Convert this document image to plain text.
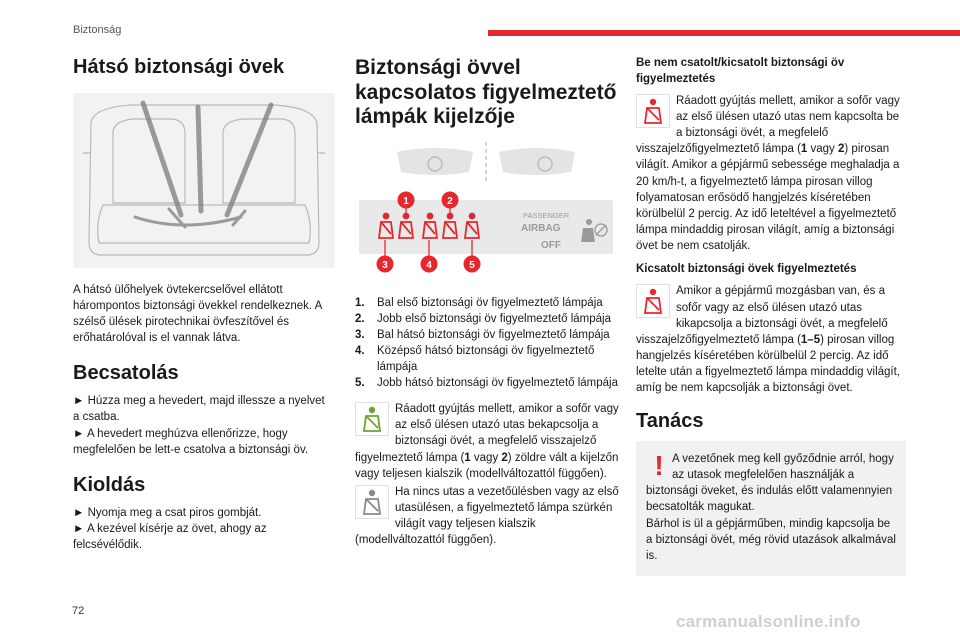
Biztonság
Hátsó biztonsági övek

A hátsó ülőhelyek övtekercselővel ellátott hárompontos biztonsági övekkel rendelkeznek. A szélső ülések pirotechnikai övfeszítővel és erőhatárolóval is el vannak látva.

Becsatolás

► Húzza meg a hevedert, majd illessze a nyelvet a csatba.

► A hevedert meghúzva ellenőrizze, hogy megfelelően be lett-e csatolva a biztonsági öv.

Kioldás

► Nyomja meg a csat piros gombját.

► A kezével kísérje az övet, ahogy az felcsévélődik.

Biztonsági övvel kapcsolatos figyelmeztető lámpák kijelzője
PASSENGER
AIRBAG
OFF
1	2
3	4	5
1.	Bal első biztonsági öv figyelmeztető lámpája
2.	Jobb első biztonsági öv figyelmeztető lámpája
3.	Bal hátsó biztonsági öv figyelmeztető lámpája
4.	Középső hátsó biztonsági öv figyelmeztető lámpája
5.	Jobb hátsó biztonsági öv figyelmeztető lámpája

Ráadott gyújtás mellett, amikor a sofőr vagy az első ülésen utazó utas bekapcsolja a biztonsági övét, a megfelelő visszajelző figyelmeztető lámpa (1 vagy 2) zöldre vált a kijelzőn vagy teljesen kialszik (modellváltozattól függően).

Ha nincs utas a vezetőülésben vagy az első utasülésen, a figyelmeztető lámpa szürkén világít vagy teljesen kialszik (modellváltozattól függően).

Be nem csatolt/kicsatolt biztonsági öv figyelmeztetés

Ráadott gyújtás mellett, amikor a sofőr vagy az első ülésen utazó utas nem kapcsolta be a biztonsági övét, a megfelelő visszajelzőfigyelmeztető lámpa (1 vagy 2) pirosan világít. Amikor a gépjármű sebessége meghaladja a 20 km/h-t, a figyelmeztető lámpa pirosan villog folyamatosan erősödő hangjelzés kíséretében körülbelül 2 percig. Az idő leteltével a figyelmeztető lámpa mindaddig pirosan világít, amíg a biztonsági övet be nem csatolják.

Kicsatolt biztonsági övek figyelmeztetés

Amikor a gépjármű mozgásban van, és a sofőr vagy az első ülésen utazó utas kikapcsolja a biztonsági övét, a megfelelő visszajelzőfigyelmeztető lámpa (1–5) pirosan villog hangjelzés kíséretében körülbelül 2 percig. Az idő letelte után a figyelmeztető lámpa mindaddig világít, amíg be nem kapcsolják a biztonsági övet.

Tanács
! A vezetőnek meg kell győződnie arról, hogy az utasok megfelelően használják a biztonsági öveket, és indulás előtt valamennyien becsatolták magukat.

Bárhol is ül a gépjárműben, mindig kapcsolja be a biztonsági övét, még rövid utazások alkalmával is.

72
carmanualsonline.info
